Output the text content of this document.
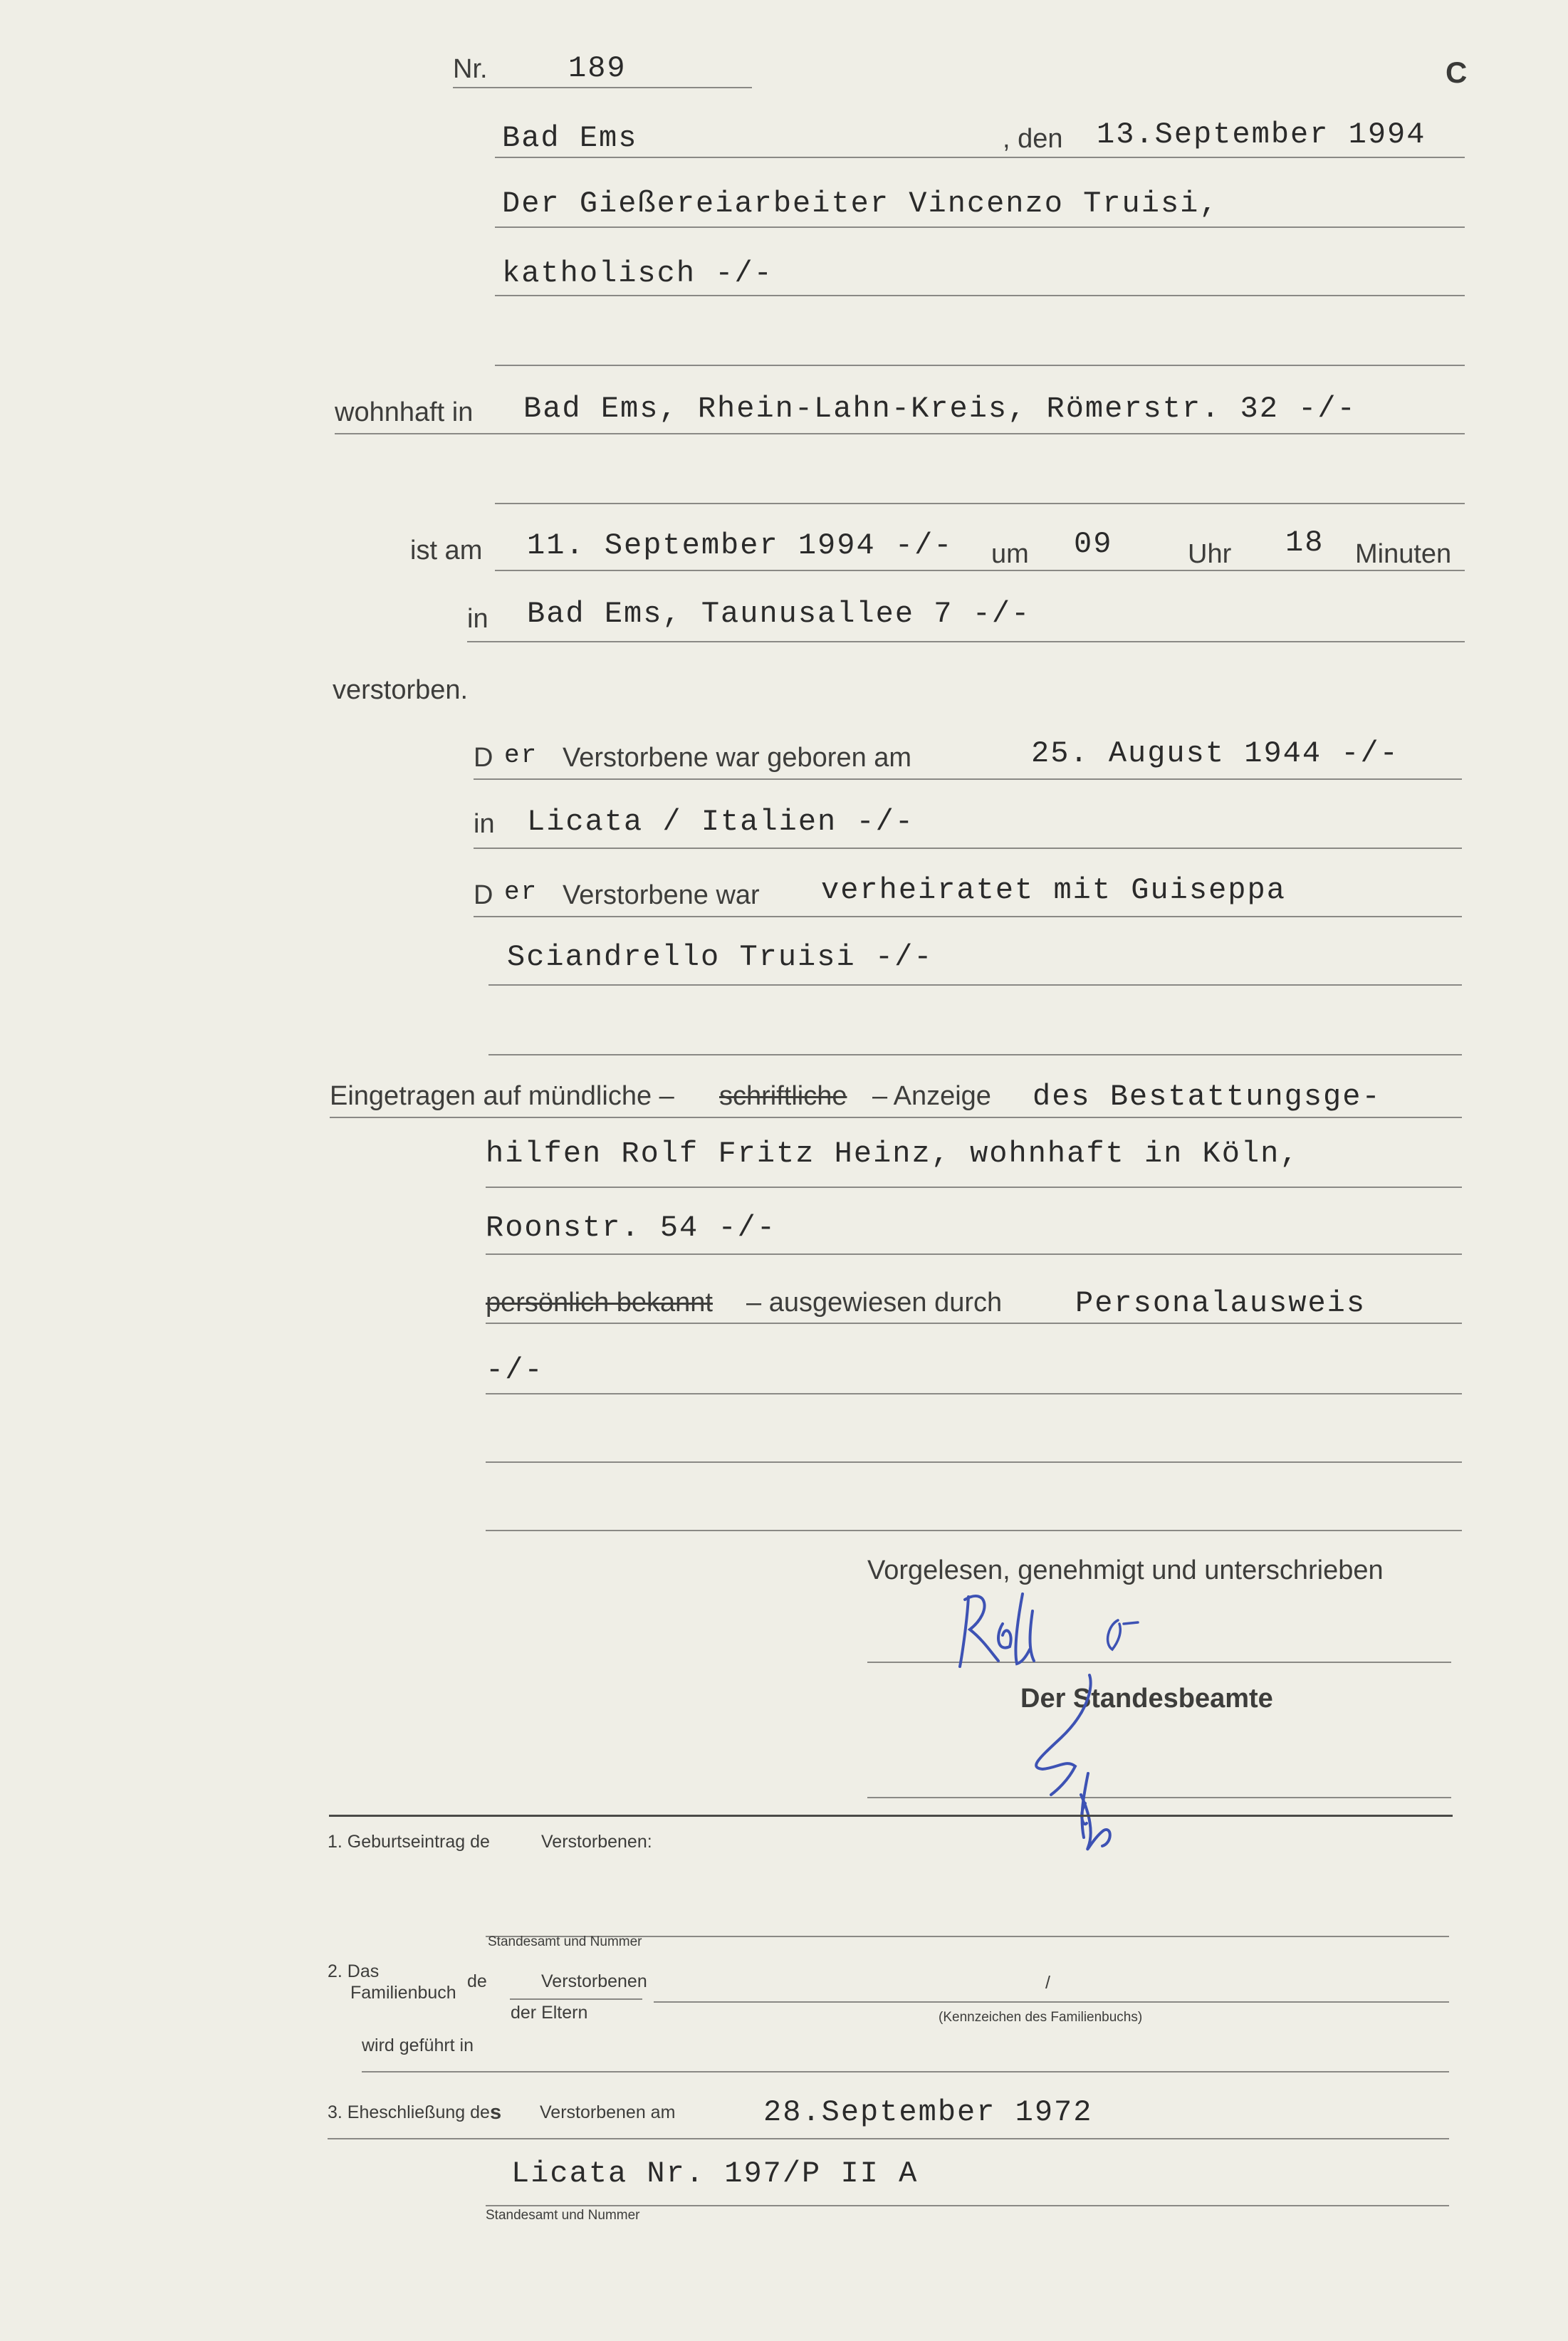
Nr.	189	C
Bad Ems	, den 13.September 1994
Der Gießereiarbeiter Vincenzo Truisi,
katholisch -/-
wohnhaft in Bad Ems, Rhein-Lahn-Kreis, Römerstr. 32 -/-
ist am 11. September 1994 -/- um 09	Uhr 18 Minuten
in Bad Ems, Taunusallee 7 -/-
verstorben.
D er Verstorbene war geboren am	25. August 1944 -/-
in Licata / Italien -/-
D er Verstorbene war verheiratet mit Guiseppa
Sciandrello Truisi -/-
Eingetragen auf mündliche – schriftliche – Anzeige des Bestattungsge-
hilfen Rolf Fritz Heinz, wohnhaft in Köln,
Roonstr. 54 -/-
persönlich bekannt – ausgewiesen durch Personalausweis
-/-
Vorgelesen, genehmigt und unterschrieben
Der Standesbeamte
1. Geburtseintrag de	Verstorbenen:
Standesamt und Nummer
2. Das
Familienbuch
de	Verstorbenen
der Eltern
/
(Kennzeichen des Familienbuchs)
wird geführt in
3. Eheschließung de s Verstorbenen am	28.September 1972
Licata Nr. 197/P II A
Standesamt und Nummer
